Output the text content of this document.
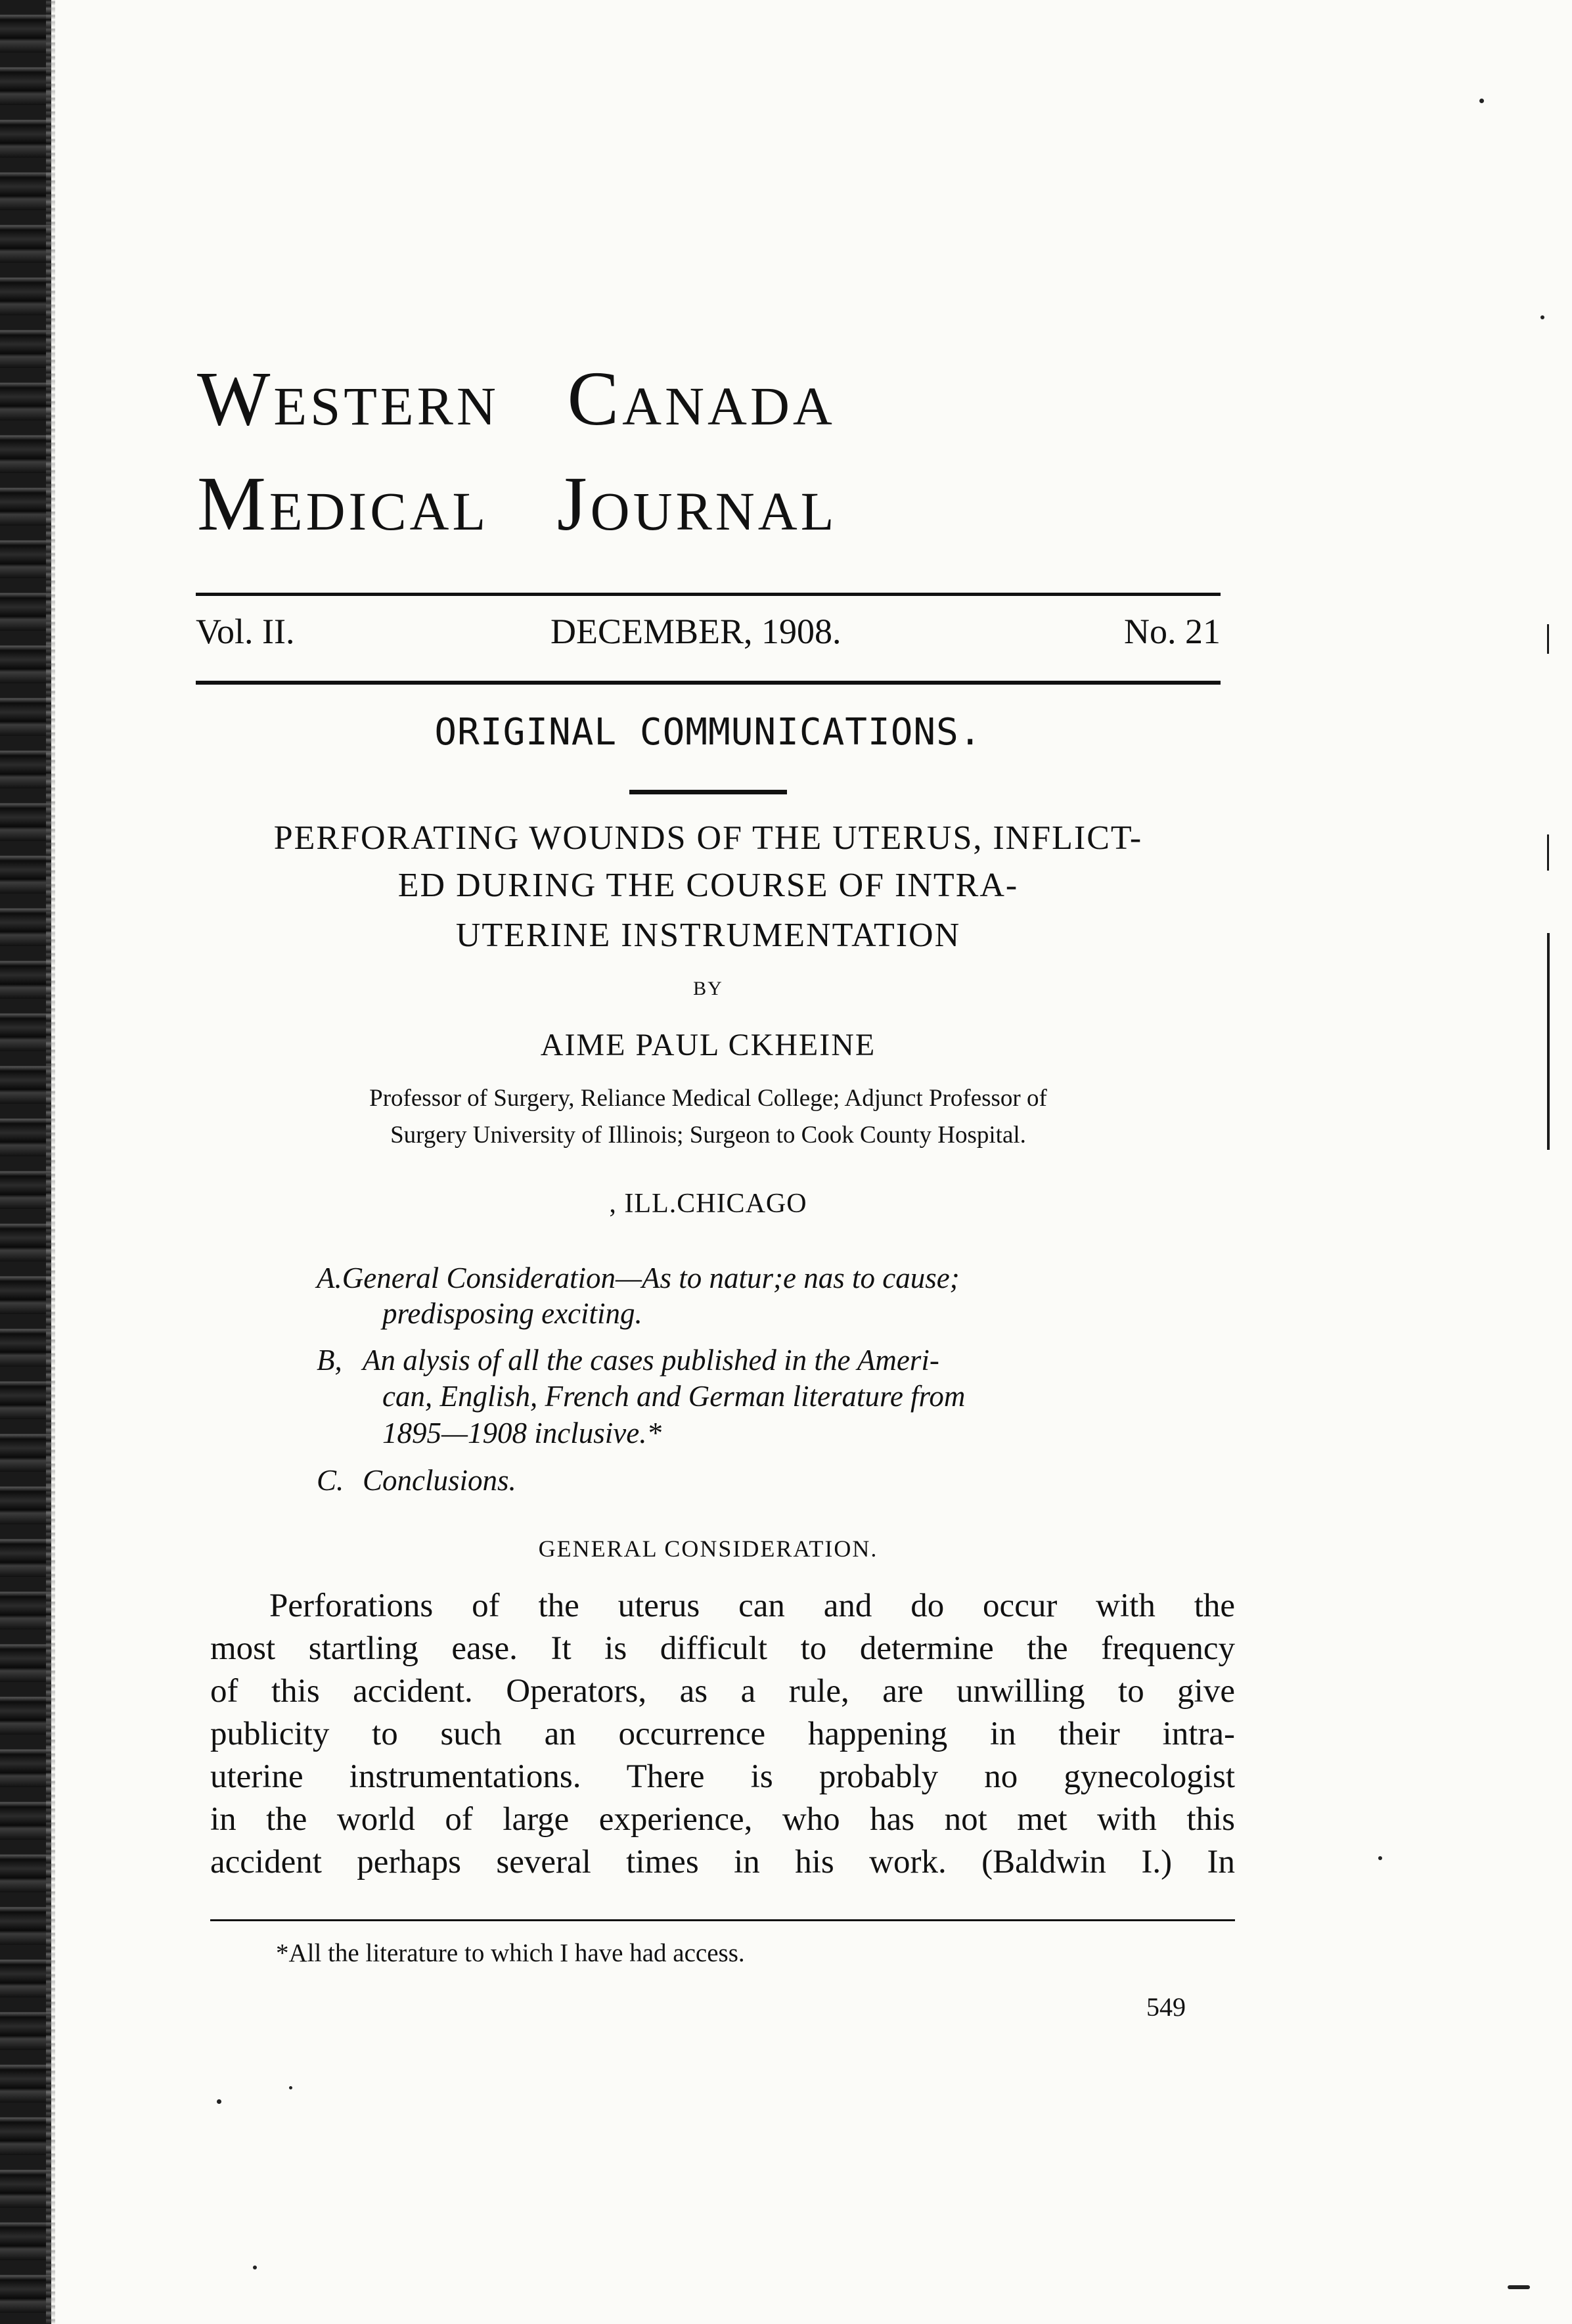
Western Canada
Medical Journal
Vol. II.	DECEMBER, 1908.	No. 21
ORIGINAL COMMUNICATIONS.
PERFORATING WOUNDS OF THE UTERUS, INFLICT-
ED DURING THE COURSE OF INTRA-
UTERINE INSTRUMENTATION
BY
AIME PAUL CKHEINE
Professor of Surgery, Reliance Medical College; Adjunct Professor of
Surgery University of Illinois; Surgeon to Cook County Hospital.
, ILL.CHICAGO
A.General Consideration—As to natur;e nas to cause;
predisposing exciting.
B, An alysis of all the cases published in the Ameri-
can, English, French and German literature from
1895—1908 inclusive.*
C. Conclusions.
GENERAL CONSIDERATION.
Perforations of the uterus can and do occur with the
most startling ease. It is difficult to determine the frequency
of this accident. Operators, as a rule, are unwilling to give
publicity to such an occurrence happening in their intra-
uterine instrumentations. There is probably no gynecologist
in the world of large experience, who has not met with this
accident perhaps several times in his work. (Baldwin I.) In
*All the literature to which I have had access.
549
